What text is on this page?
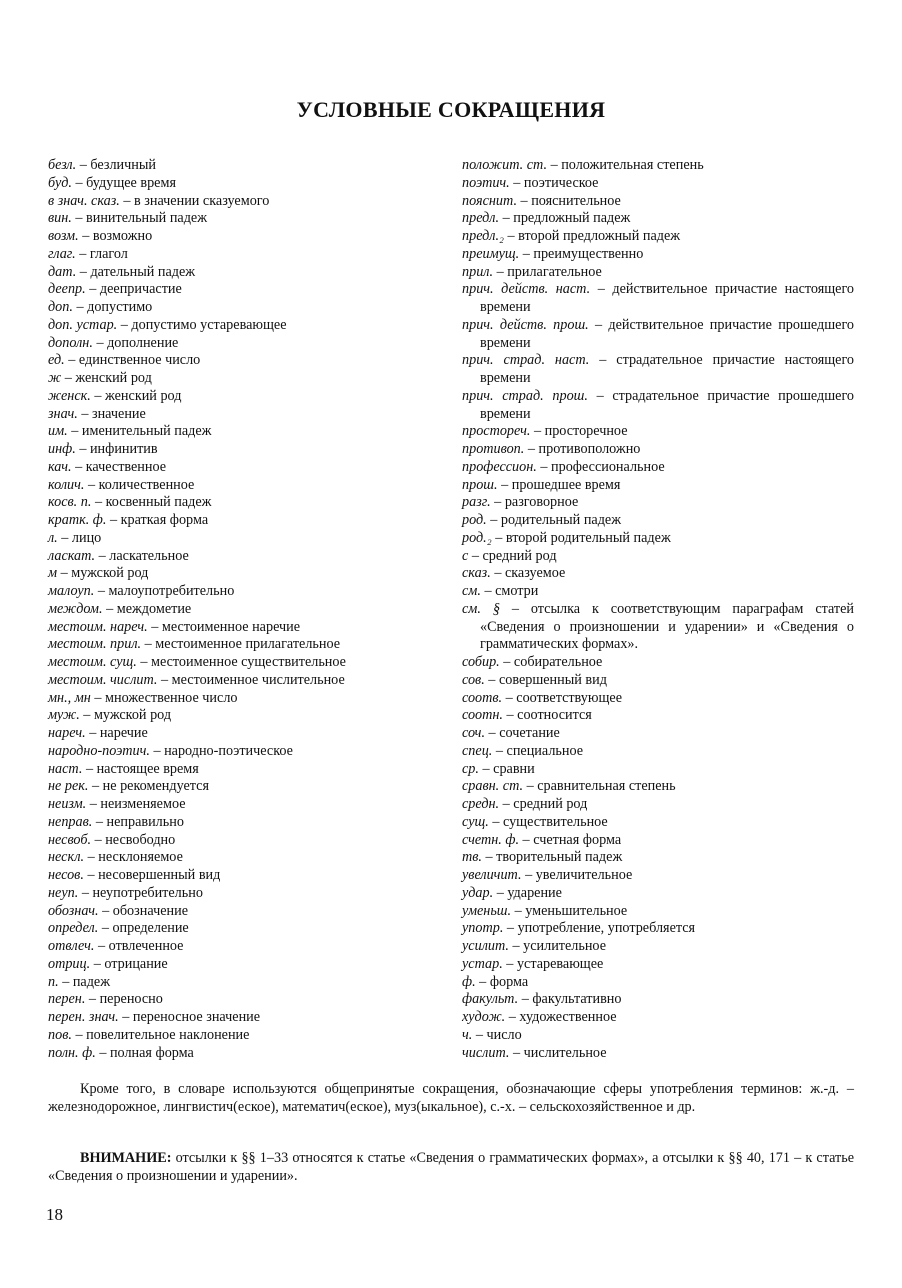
УСЛОВНЫЕ СОКРАЩЕНИЯ
безл. – безличный
буд. – будущее время
в знач. сказ. – в значении сказуемого
вин. – винительный падеж
возм. – возможно
глаг. – глагол
дат. – дательный падеж
деепр. – деепричастие
доп. – допустимо
доп. устар. – допустимо устаревающее
дополн. – дополнение
ед. – единственное число
ж – женский род
женск. – женский род
знач. – значение
им. – именительный падеж
инф. – инфинитив
кач. – качественное
колич. – количественное
косв. п. – косвенный падеж
кратк. ф. – краткая форма
л. – лицо
ласкат. – ласкательное
м – мужской род
малоуп. – малоупотребительно
междом. – междометие
местоим. нареч. – местоименное наречие
местоим. прил. – местоименное прилагательное
местоим. сущ. – местоименное существительное
местоим. числит. – местоименное числительное
мн., мн – множественное число
муж. – мужской род
нареч. – наречие
народно-поэтич. – народно-поэтическое
наст. – настоящее время
не рек. – не рекомендуется
неизм. – неизменяемое
неправ. – неправильно
несвоб. – несвободно
нескл. – несклоняемое
несов. – несовершенный вид
неуп. – неупотребительно
обознач. – обозначение
определ. – определение
отвлеч. – отвлеченное
отриц. – отрицание
п. – падеж
перен. – переносно
перен. знач. – переносное значение
пов. – повелительное наклонение
полн. ф. – полная форма
положит. ст. – положительная степень
поэтич. – поэтическое
пояснит. – пояснительное
предл. – предложный падеж
предл.₂ – второй предложный падеж
преимущ. – преимущественно
прил. – прилагательное
прич. действ. наст. – действительное причастие настоящего времени
прич. действ. прош. – действительное причастие прошедшего времени
прич. страд. наст. – страдательное причастие настоящего времени
прич. страд. прош. – страдательное причастие прошедшего времени
простореч. – просторечное
противоп. – противоположно
профессион. – профессиональное
прош. – прошедшее время
разг. – разговорное
род. – родительный падеж
род.₂ – второй родительный падеж
с – средний род
сказ. – сказуемое
см. – смотри
см. § – отсылка к соответствующим параграфам статей «Сведения о произношении и ударении» и «Сведения о грамматических формах».
собир. – собирательное
сов. – совершенный вид
соотв. – соответствующее
соотн. – соотносится
соч. – сочетание
спец. – специальное
ср. – сравни
сравн. ст. – сравнительная степень
средн. – средний род
сущ. – существительное
счетн. ф. – счетная форма
тв. – творительный падеж
увеличит. – увеличительное
удар. – ударение
уменьш. – уменьшительное
употр. – употребление, употребляется
усилит. – усилительное
устар. – устаревающее
ф. – форма
факульт. – факультативно
худож. – художественное
ч. – число
числит. – числительное

Кроме того, в словаре используются общепринятые сокращения, обозначающие сферы употребления терминов: ж.-д. – железнодорожное, лингвистич(еское), математич(еское), муз(ыкальное), с.-х. – сельскохозяйственное и др.

ВНИМАНИЕ: отсылки к §§ 1–33 относятся к статье «Сведения о грамматических формах», а отсылки к §§ 40, 171 – к статье «Сведения о произношении и ударении».

18
